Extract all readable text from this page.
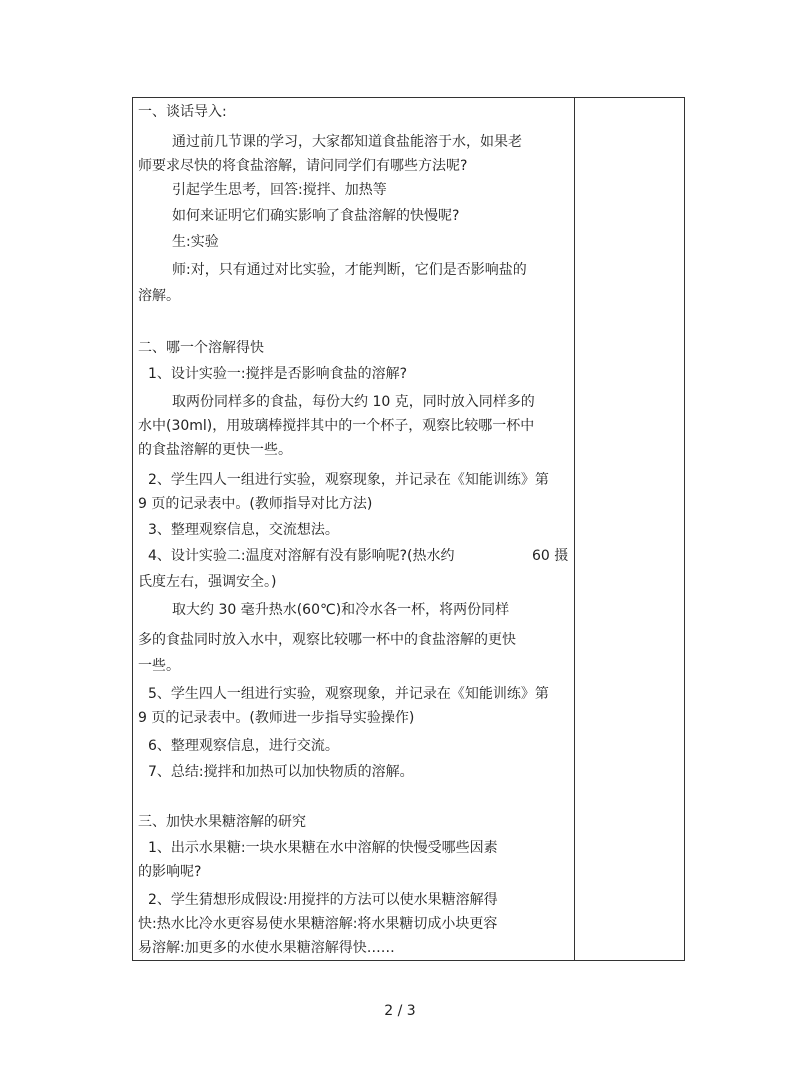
一、谈话导入:
通过前几节课的学习，大家都知道食盐能溶于水，如果老
师要求尽快的将食盐溶解，请问同学们有哪些方法呢?
引起学生思考，回答:搅拌、加热等
如何来证明它们确实影响了食盐溶解的快慢呢?
生:实验
师:对，只有通过对比实验，才能判断，它们是否影响盐的
溶解。
二、哪一个溶解得快
1、设计实验一:搅拌是否影响食盐的溶解?
取两份同样多的食盐，每份大约 10 克，同时放入同样多的
水中(30ml)，用玻璃棒搅拌其中的一个杯子，观察比较哪一杯中
的食盐溶解的更快一些。
2、学生四人一组进行实验，观察现象，并记录在《知能训练》第
9 页的记录表中。(教师指导对比方法)
3、整理观察信息，交流想法。
4、设计实验二:温度对溶解有没有影响呢?(热水约	60 摄
氏度左右，强调安全。)
取大约 30 毫升热水(60℃)和冷水各一杯，将两份同样
多的食盐同时放入水中，观察比较哪一杯中的食盐溶解的更快
一些。
5、学生四人一组进行实验，观察现象，并记录在《知能训练》第
9 页的记录表中。(教师进一步指导实验操作)
6、整理观察信息，进行交流。
7、总结:搅拌和加热可以加快物质的溶解。
三、加快水果糖溶解的研究
1、出示水果糖:一块水果糖在水中溶解的快慢受哪些因素
的影响呢?
2、学生猜想形成假设:用搅拌的方法可以使水果糖溶解得
快:热水比冷水更容易使水果糖溶解:将水果糖切成小块更容
易溶解:加更多的水使水果糖溶解得快……
2 / 3
